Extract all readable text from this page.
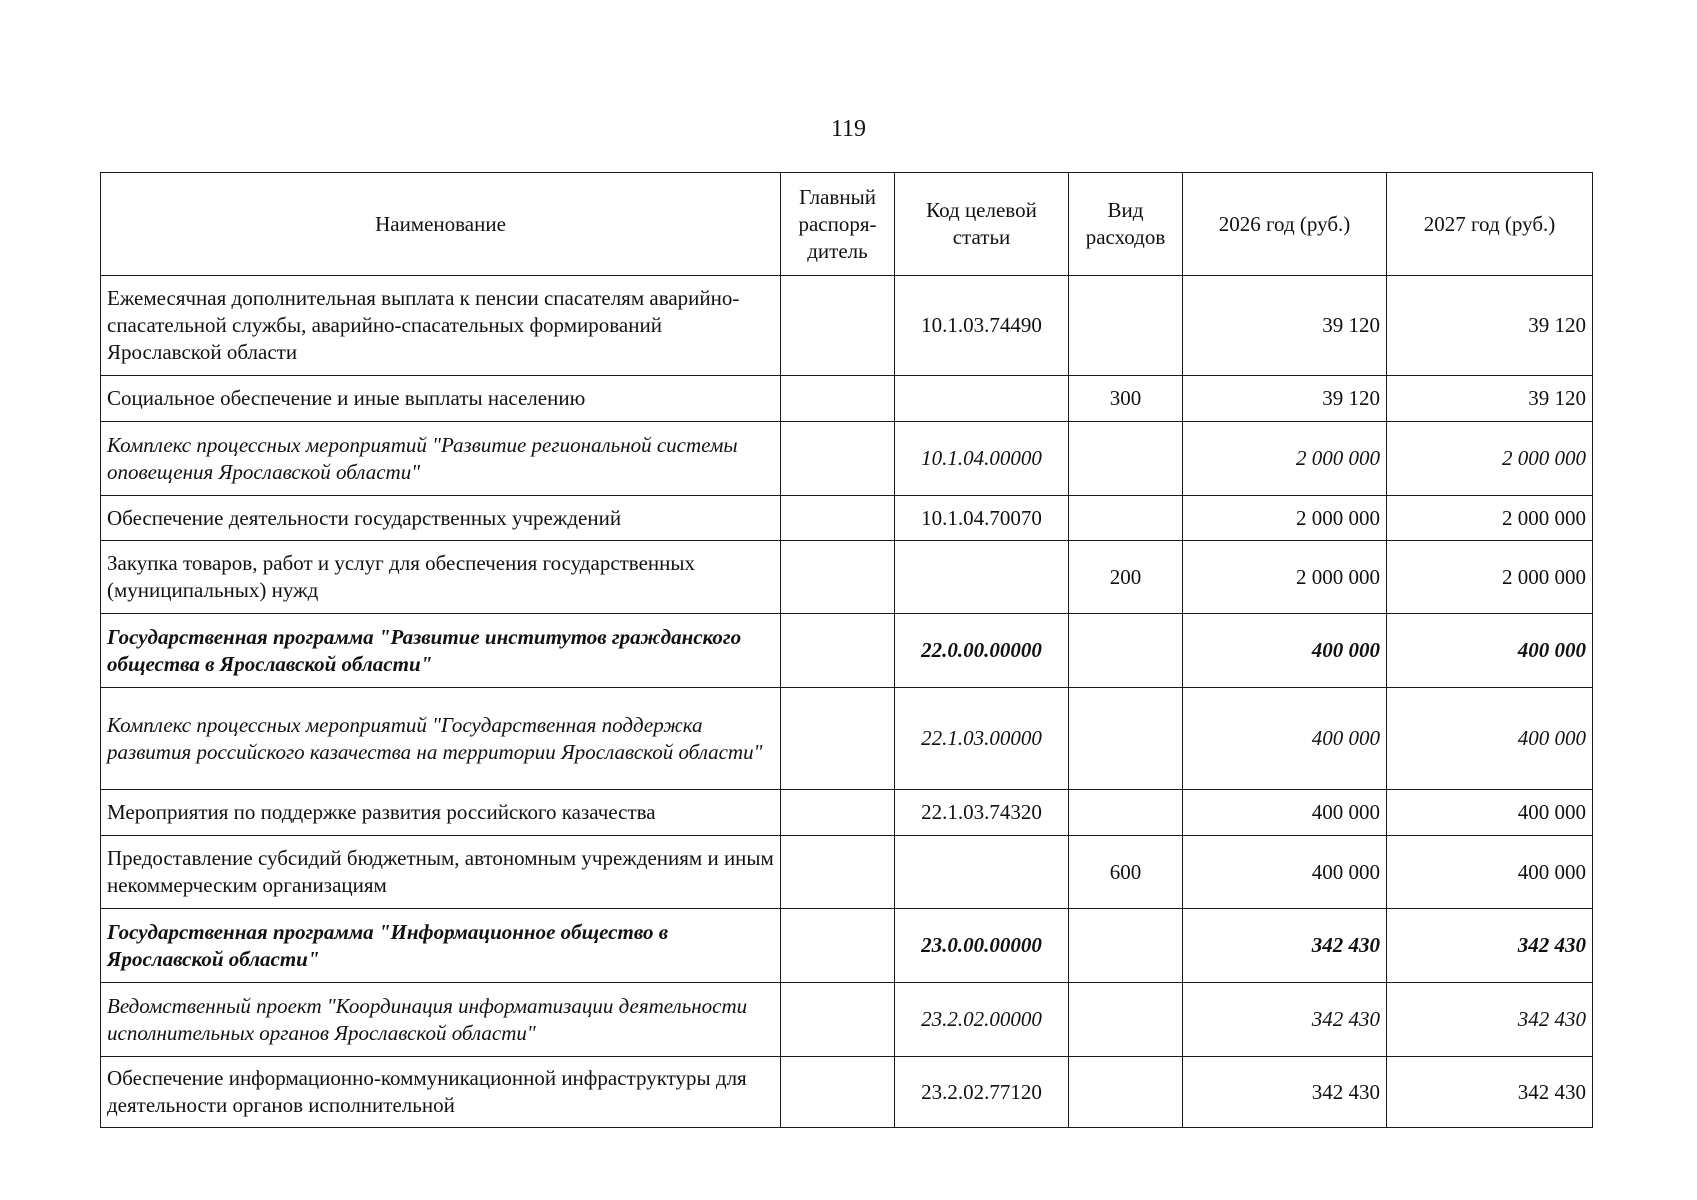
119
Наименование	Главный распоря- дитель	Код целевой статьи	Вид расходов	2026 год (руб.)	2027 год (руб.)
Ежемесячная дополнительная выплата к пенсии спасателям аварийно-спасательной службы, аварийно-спасательных формирований Ярославской области		10.1.03.74490		39 120	39 120
Социальное обеспечение и иные выплаты населению			300	39 120	39 120
Комплекс процессных мероприятий "Развитие региональной системы оповещения Ярославской области"		10.1.04.00000		2 000 000	2 000 000
Обеспечение деятельности государственных учреждений		10.1.04.70070		2 000 000	2 000 000
Закупка товаров, работ и услуг для обеспечения государственных (муниципальных) нужд			200	2 000 000	2 000 000
Государственная программа "Развитие институтов гражданского общества в Ярославской области"		22.0.00.00000		400 000	400 000
Комплекс процессных мероприятий "Государственная поддержка развития российского казачества на территории Ярославской области"		22.1.03.00000		400 000	400 000
Мероприятия по поддержке развития российского казачества		22.1.03.74320		400 000	400 000
Предоставление субсидий бюджетным, автономным учреждениям и иным некоммерческим организациям			600	400 000	400 000
Государственная программа "Информационное общество в Ярославской области"		23.0.00.00000		342 430	342 430
Ведомственный проект "Координация информатизации деятельности исполнительных органов Ярославской области"		23.2.02.00000		342 430	342 430
Обеспечение информационно-коммуникационной инфраструктуры для деятельности органов исполнительной		23.2.02.77120		342 430	342 430
